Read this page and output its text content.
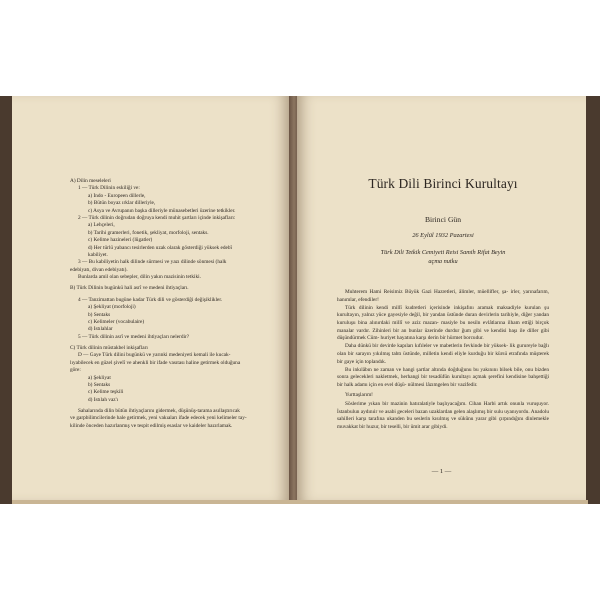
A) Dilin meseleleri
1 — Türk Dilinin eskiliği ve:
a) İndo - Europeen dillerle,
b) Bütün boyaz ırklar dilleriyle,
c) Asya ve Avrupanın başka dilleriyle münasebetleri üzerine tetkikler.
2 — Türk dilinin doğrudan doğruya kendi muhit şartları içinde inkişafları:
a) Lehçeleri,
b) Tarihi gramerleri, fonetik, şekliyat, morfoloji, sentaks.
c) Kelime hazineleri (lûgatler)
d) Her türlü yabancı tesirlerden uzak olarak gösterdiği yüksek edebî
kabiliyet.
3 — Bu kabiliyetin halk dilinde sürmesi ve yazı dilinde sönmesi (halk
edebiyatı, divan edebiyatı).
Bunlarda amil olan sebepler, dilin yakın mazisinin tetkiki.
B) Türk Dilinin bugünkü hali asrî ve medeni ihtiyaçları.
4 — Tanzimattan bugüne kadar Türk dili ve gösterdiği değişiklikler.
a) Şekliyat (morfoloji)
b) Sentaks
c) Kelimeler (vocabulaire)
d) Istılahlar
5 — Türk dilinin asrî ve medeni ihtiyaçları nelerdir?
C) Türk dilinin müstakbel inkişafları
D — Gaye Türk dilini bugünkü ve yarınki medeniyeti kemali ile kucak-
lıyabilecek en güzel şivelî ve ahenkli bir ifade vasıtası haline getirmek olduğuna
göre:
a) Şekliyat
b) Sentaks
c) Kelime teşkili
d) Istılah vaz'ı
Sahalarında dilin bütün ihtiyaçlarını gidermek, düşünüş-tarama asıllaştırıcak
ve garpbilimcilerinde hale getirmek, yeni vakıaları ifade edecek yeni kelimeler tay-
kilinde önceden hazırlanmış ve tespit edilmiş esaslar ve kaideler hazırlamak.
Türk Dili Birinci Kurultayı
Birinci Gün
26 Eylül 1932 Pazartesi
Türk Dili Tetkik Cemiyeti Reisi Samih Rifat Beyin
açma nutku

Muhterem Hami Reisimiz Büyük Gazi Hazretleri, âlimler, müellifler, şa- irler, yarınafarım, hanımlar, efendiler!

Türk dilinin kendi millî kudretleri içerisinde inkişafını aramak maksadiyle kurulan şu kurultayın, yalnız yüce gayesiyle değil, bir yandan üstünde duran devirlerin tarihiyle, diğer yandan kuruluşu bina alınırdaki millî ve aziz mazan- masiyle bu nesiln evlâtlarına ilham ettiği birçok manalar vardır. Zihinleri bir an bunlar üzerinde durdur ğum gibi ve kendisi başı ile diller gibi düşündürmek Cüm- huriyet hayatına karşı derin bir hürmet borcudur.

Daha dünkü bir devirde kapıları kıfıleler ve mabetlerin fevkinde bir yüksek- lik gurureyle bağlı olan bir sarayın yıkılmış tahtı üstünde, milletin kendi eliyle kurduğu bir kürsü etrafında müşterek bir gaye için toplandık.

Bu inkılâbın ne zaman ve hangi şartlar altında doğduğunu bu yakınını bilsek bile, onu bizden sonra gelecekleri nakletmek, herhangi bir tesadüfün kurultayı açmak şerefini kendisine bahşettiği bir halk adamı için en evel düşü- nülmesi lâzımgelen bir vazifedir.

Yurttaşlarım!

Söslerime yıkan bir mazinin hatıralatiyle başlıyacağım. Cihan Harbi artık onunla vuruşuyor. İstanbulun aydınıir ve asabi geceleri bazan uzaklardan gelen alaşlımış bir sulu uyanıyordu. Anadolu sahilleri karşı tarafına ukanden bu seslerin kısılmış ve sükûnu yarar gibi çırpındığını dinlemekle muvakkat bir huzur, bir teselli, bir ümit arar gibiydi.

— 1 —
